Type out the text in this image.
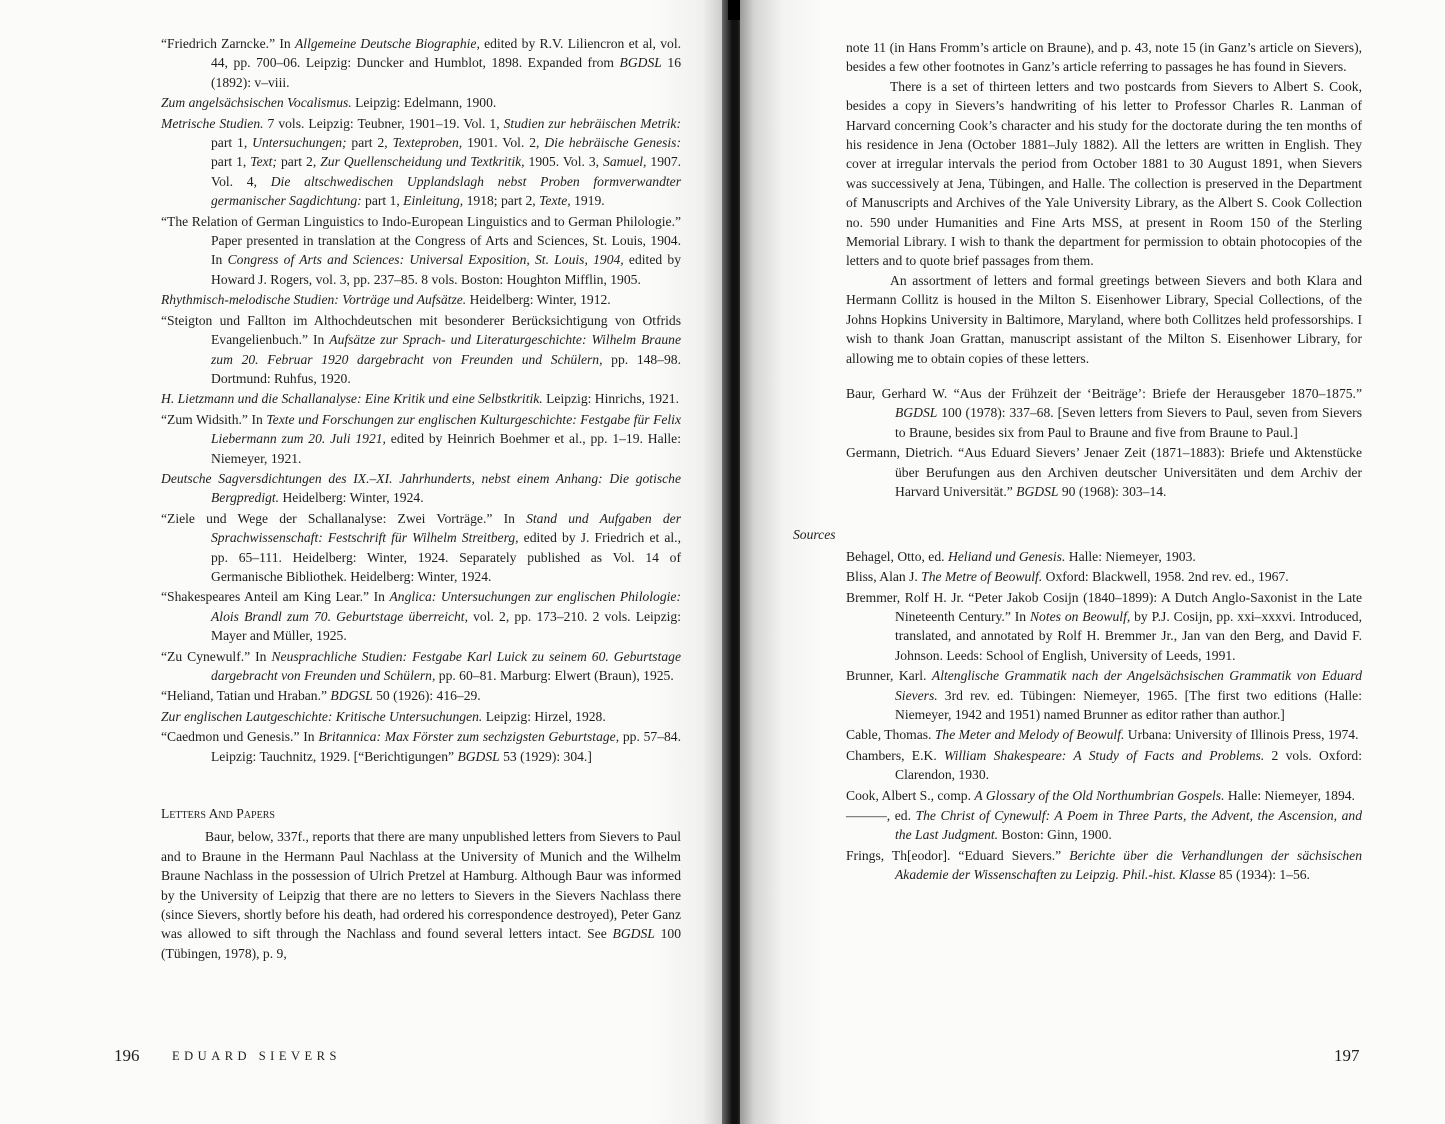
“Friedrich Zarncke.” In Allgemeine Deutsche Biographie, edited by R.V. Liliencron et al, vol. 44, pp. 700–06. Leipzig: Duncker and Humblot, 1898. Expanded from BGDSL 16 (1892): v–viii.

Zum angelsächsischen Vocalismus. Leipzig: Edelmann, 1900.

Metrische Studien. 7 vols. Leipzig: Teubner, 1901–19. Vol. 1, Studien zur hebräischen Metrik: part 1, Untersuchungen; part 2, Texteproben, 1901. Vol. 2, Die hebräische Genesis: part 1, Text; part 2, Zur Quellenscheidung und Textkritik, 1905. Vol. 3, Samuel, 1907. Vol. 4, Die altschwedischen Upplandslagh nebst Proben formverwandter germanischer Sagdichtung: part 1, Einleitung, 1918; part 2, Texte, 1919.

“The Relation of German Linguistics to Indo-European Linguistics and to German Philologie.” Paper presented in translation at the Congress of Arts and Sciences, St. Louis, 1904. In Congress of Arts and Sciences: Universal Exposition, St. Louis, 1904, edited by Howard J. Rogers, vol. 3, pp. 237–85. 8 vols. Boston: Houghton Mifflin, 1905.

Rhythmisch-melodische Studien: Vorträge und Aufsätze. Heidelberg: Winter, 1912.

“Steigton und Fallton im Althochdeutschen mit besonderer Berücksichtigung von Otfrids Evangelienbuch.” In Aufsätze zur Sprach- und Literaturgeschichte: Wilhelm Braune zum 20. Februar 1920 dargebracht von Freunden und Schülern, pp. 148–98. Dortmund: Ruhfus, 1920.

H. Lietzmann und die Schallanalyse: Eine Kritik und eine Selbstkritik. Leipzig: Hinrichs, 1921.

“Zum Widsith.” In Texte und Forschungen zur englischen Kulturgeschichte: Festgabe für Felix Liebermann zum 20. Juli 1921, edited by Heinrich Boehmer et al., pp. 1–19. Halle: Niemeyer, 1921.

Deutsche Sagversdichtungen des IX.–XI. Jahrhunderts, nebst einem Anhang: Die gotische Bergpredigt. Heidelberg: Winter, 1924.

“Ziele und Wege der Schallanalyse: Zwei Vorträge.” In Stand und Aufgaben der Sprachwissenschaft: Festschrift für Wilhelm Streitberg, edited by J. Friedrich et al., pp. 65–111. Heidelberg: Winter, 1924. Separately published as Vol. 14 of Germanische Bibliothek. Heidelberg: Winter, 1924.

“Shakespeares Anteil am King Lear.” In Anglica: Untersuchungen zur englischen Philologie: Alois Brandl zum 70. Geburtstage überreicht, vol. 2, pp. 173–210. 2 vols. Leipzig: Mayer and Müller, 1925.

“Zu Cynewulf.” In Neusprachliche Studien: Festgabe Karl Luick zu seinem 60. Geburtstage dargebracht von Freunden und Schülern, pp. 60–81. Marburg: Elwert (Braun), 1925.

“Heliand, Tatian und Hraban.” BDGSL 50 (1926): 416–29.

Zur englischen Lautgeschichte: Kritische Untersuchungen. Leipzig: Hirzel, 1928.

“Caedmon und Genesis.” In Britannica: Max Förster zum sechzigsten Geburtstage, pp. 57–84. Leipzig: Tauchnitz, 1929. [“Berichtigungen” BGDSL 53 (1929): 304.]

Letters And Papers

Baur, below, 337f., reports that there are many unpublished letters from Sievers to Paul and to Braune in the Hermann Paul Nachlass at the University of Munich and the Wilhelm Braune Nachlass in the possession of Ulrich Pretzel at Hamburg. Although Baur was informed by the University of Leipzig that there are no letters to Sievers in the Sievers Nachlass there (since Sievers, shortly before his death, had ordered his correspondence destroyed), Peter Ganz was allowed to sift through the Nachlass and found several letters intact. See BGDSL 100 (Tübingen, 1978), p. 9,

196	EDUARD SIEVERS

note 11 (in Hans Fromm’s article on Braune), and p. 43, note 15 (in Ganz’s article on Sievers), besides a few other footnotes in Ganz’s article referring to passages he has found in Sievers.

There is a set of thirteen letters and two postcards from Sievers to Albert S. Cook, besides a copy in Sievers’s handwriting of his letter to Professor Charles R. Lanman of Harvard concerning Cook’s character and his study for the doctorate during the ten months of his residence in Jena (October 1881–July 1882). All the letters are written in English. They cover at irregular intervals the period from October 1881 to 30 August 1891, when Sievers was successively at Jena, Tübingen, and Halle. The collection is preserved in the Department of Manuscripts and Archives of the Yale University Library, as the Albert S. Cook Collection no. 590 under Humanities and Fine Arts MSS, at present in Room 150 of the Sterling Memorial Library. I wish to thank the department for permission to obtain photocopies of the letters and to quote brief passages from them.

An assortment of letters and formal greetings between Sievers and both Klara and Hermann Collitz is housed in the Milton S. Eisenhower Library, Special Collections, of the Johns Hopkins University in Baltimore, Maryland, where both Collitzes held professorships. I wish to thank Joan Grattan, manuscript assistant of the Milton S. Eisenhower Library, for allowing me to obtain copies of these letters.

Baur, Gerhard W. “Aus der Frühzeit der ‘Beiträge’: Briefe der Herausgeber 1870–1875.” BGDSL 100 (1978): 337–68. [Seven letters from Sievers to Paul, seven from Sievers to Braune, besides six from Paul to Braune and five from Braune to Paul.]

Germann, Dietrich. “Aus Eduard Sievers’ Jenaer Zeit (1871–1883): Briefe und Aktenstücke über Berufungen aus den Archiven deutscher Universitäten und dem Archiv der Harvard Universität.” BGDSL 90 (1968): 303–14.

Sources

Behagel, Otto, ed. Heliand und Genesis. Halle: Niemeyer, 1903.

Bliss, Alan J. The Metre of Beowulf. Oxford: Blackwell, 1958. 2nd rev. ed., 1967.

Bremmer, Rolf H. Jr. “Peter Jakob Cosijn (1840–1899): A Dutch Anglo-Saxonist in the Late Nineteenth Century.” In Notes on Beowulf, by P.J. Cosijn, pp. xxi–xxxvi. Introduced, translated, and annotated by Rolf H. Bremmer Jr., Jan van den Berg, and David F. Johnson. Leeds: School of English, University of Leeds, 1991.

Brunner, Karl. Altenglische Grammatik nach der Angelsächsischen Grammatik von Eduard Sievers. 3rd rev. ed. Tübingen: Niemeyer, 1965. [The first two editions (Halle: Niemeyer, 1942 and 1951) named Brunner as editor rather than author.]

Cable, Thomas. The Meter and Melody of Beowulf. Urbana: University of Illinois Press, 1974.

Chambers, E.K. William Shakespeare: A Study of Facts and Problems. 2 vols. Oxford: Clarendon, 1930.

Cook, Albert S., comp. A Glossary of the Old Northumbrian Gospels. Halle: Niemeyer, 1894.

———, ed. The Christ of Cynewulf: A Poem in Three Parts, the Advent, the Ascension, and the Last Judgment. Boston: Ginn, 1900.

Frings, Th[eodor]. “Eduard Sievers.” Berichte über die Verhandlungen der sächsischen Akademie der Wissenschaften zu Leipzig. Phil.-hist. Klasse 85 (1934): 1–56.

197
